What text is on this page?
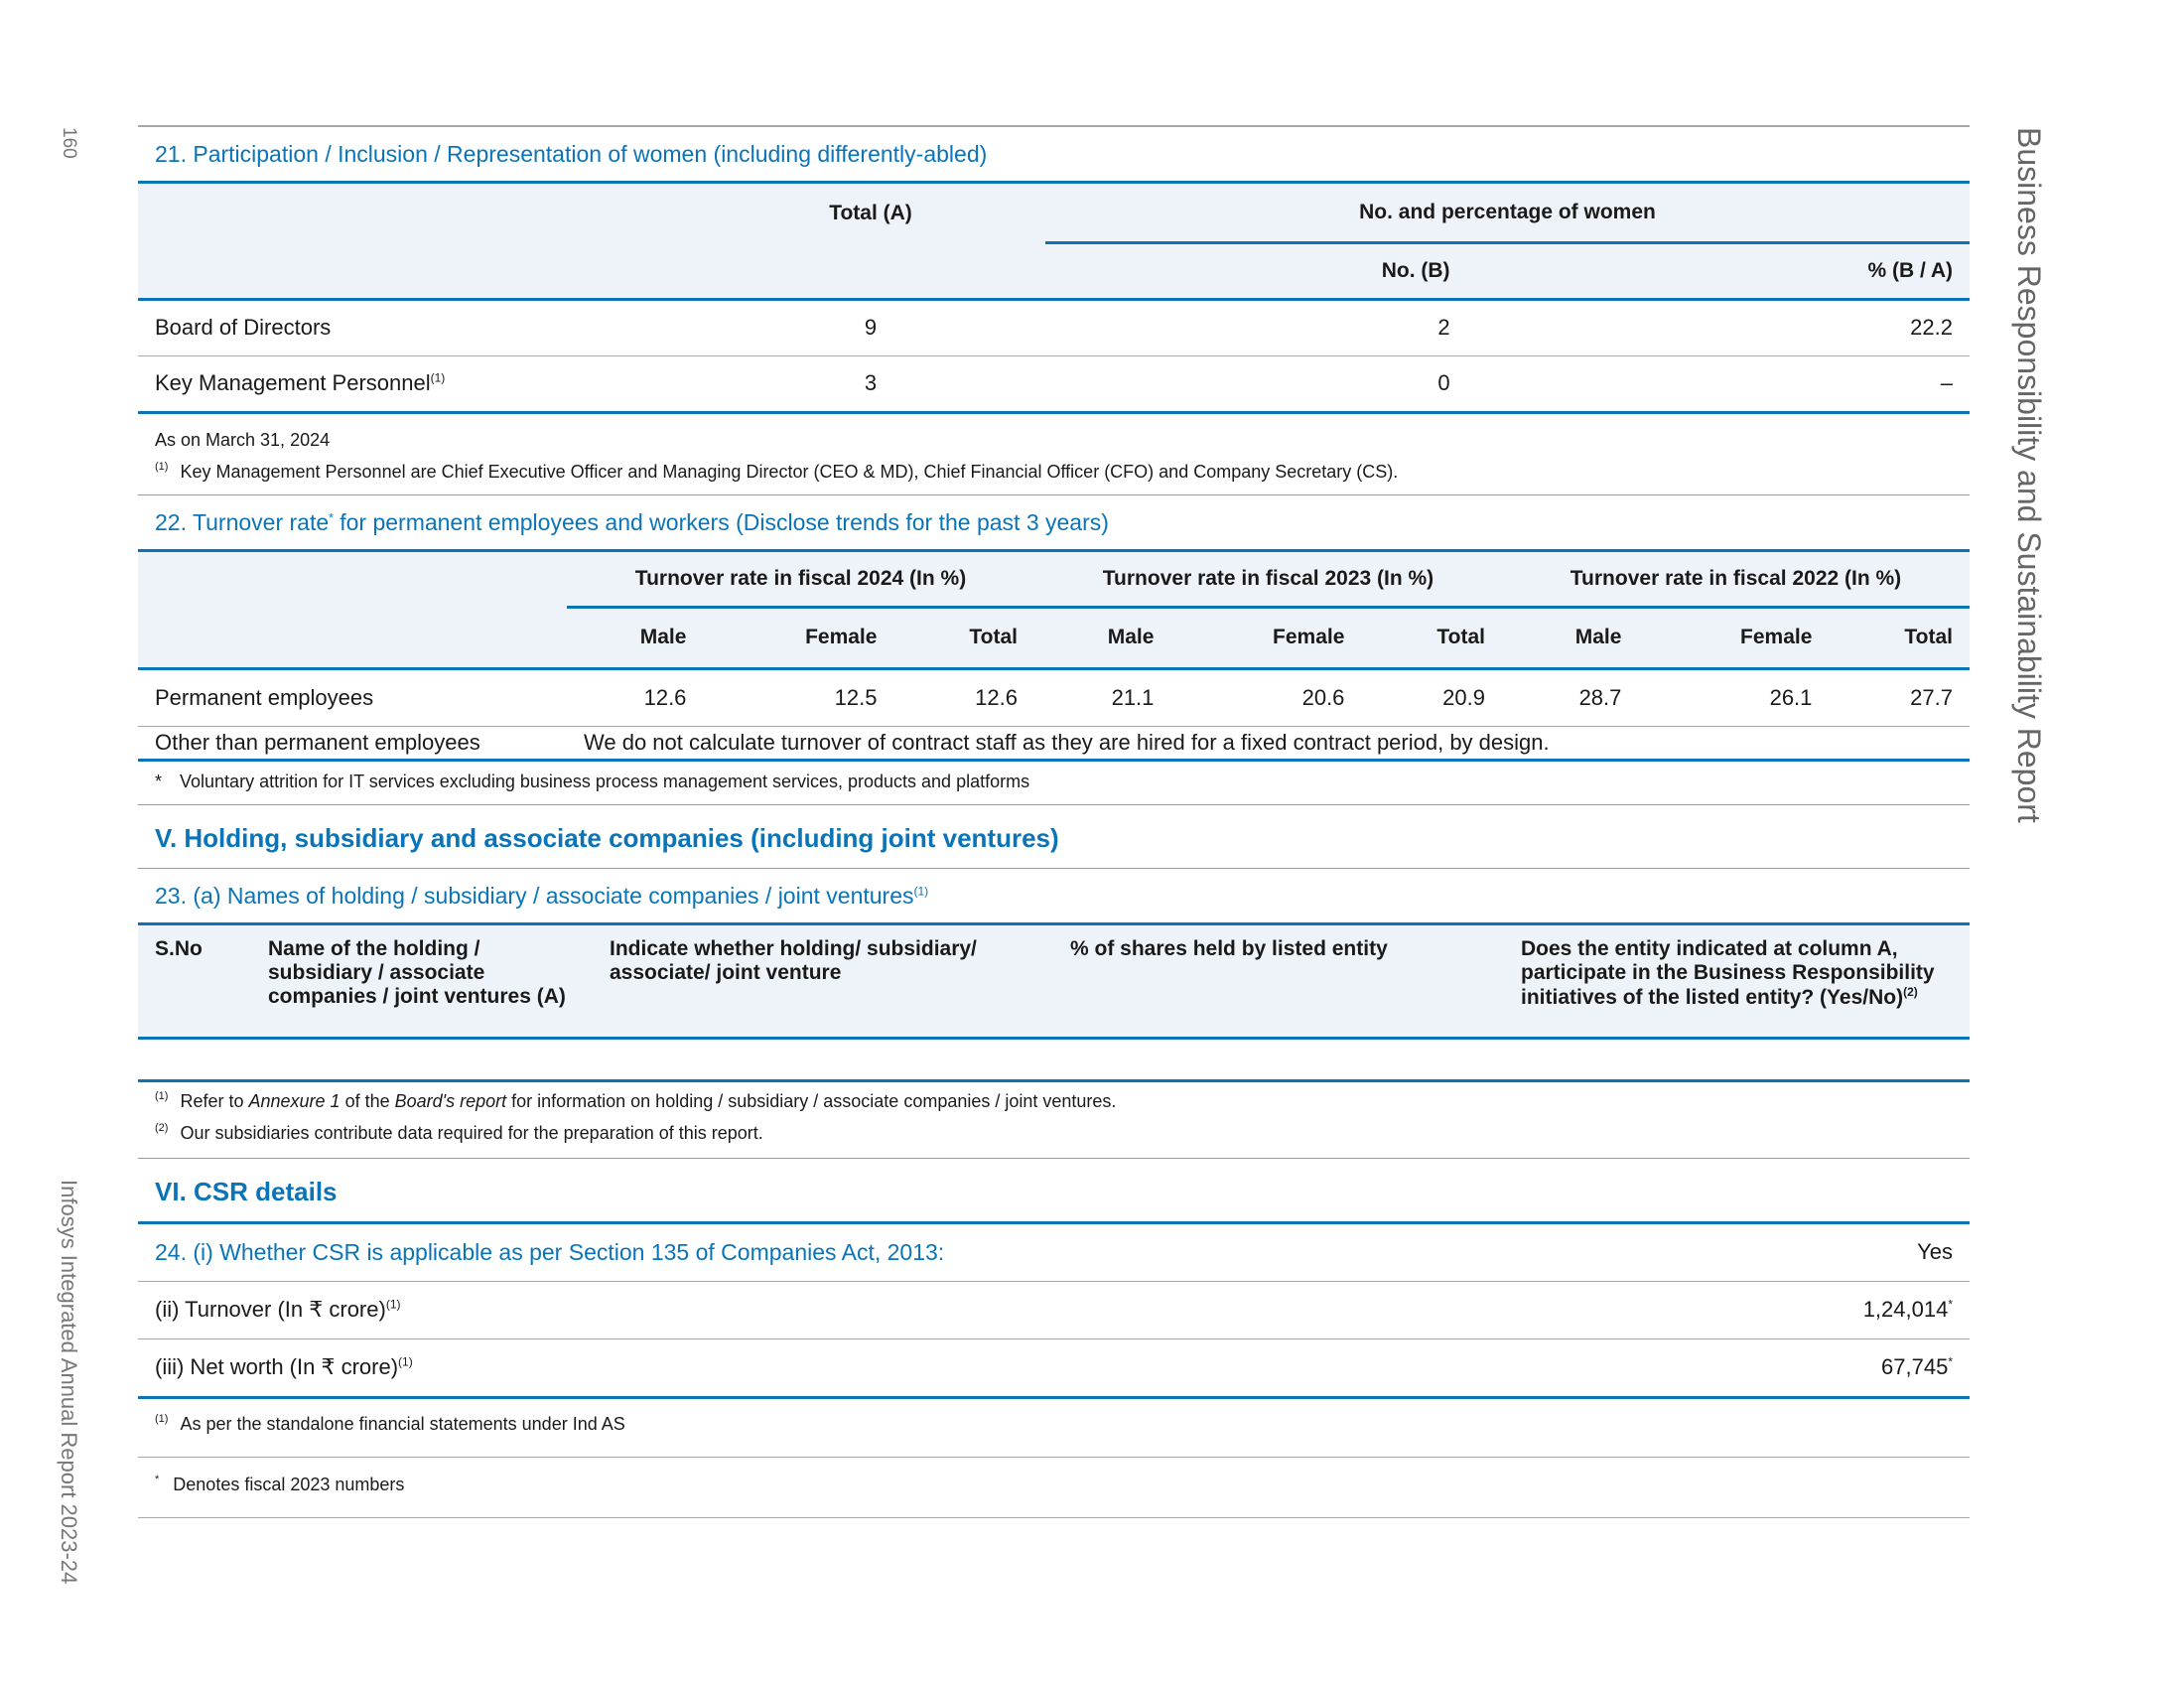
160	Business Responsibility and Sustainability Report
Infosys Integrated Annual Report 2023-24
21. Participation / Inclusion / Representation of women (including differently-abled)
	Total (A)	No. and percentage of women	
		No. (B)	% (B / A)
Board of Directors	9	2	22.2
Key Management Personnel$^{(1)}$	3	0	–
As on March 31, 2024
$^{(1)}$ Key Management Personnel are Chief Executive Officer and Managing Director (CEO & MD), Chief Financial Officer (CFO) and Company Secretary (CS).
22. Turnover rate* for permanent employees and workers (Disclose trends for the past 3 years)
	Turnover rate in fiscal 2024 (In %)			Turnover rate in fiscal 2023 (In %)			Turnover rate in fiscal 2022 (In %)		
	Male	Female	Total	Male	Female	Total	Male	Female	Total
Permanent employees	12.6	12.5	12.6	21.1	20.6	20.9	28.7	26.1	27.7
Other than permanent employees	We do not calculate turnover of contract staff as they are hired for a fixed contract period, by design.								
* Voluntary attrition for IT services excluding business process management services, products and platforms
V. Holding, subsidiary and associate companies (including joint ventures)
23. (a) Names of holding / subsidiary / associate companies / joint ventures$^{(1)}$
S.No	Name of the holding / subsidiary / associate companies / joint ventures (A)	Indicate whether holding/ subsidiary/ associate/ joint venture	% of shares held by listed entity	Does the entity indicated at column A, participate in the Business Responsibility initiatives of the listed entity? $(Yes/No)^{(2)}$

$^{(1)}$ Refer to Annexure 1 of the Board's report for information on holding / subsidiary / associate companies / joint ventures.
$^{(2)}$ Our subsidiaries contribute data required for the preparation of this report.
VI. CSR details
24. (i) Whether CSR is applicable as per Section 135 of Companies Act, 2013:	Yes
(ii) Turnover (In ₹ crore)$^{(1)}$	1,24,014*
(iii) Net worth (In ₹ crore)$^{(1)}$	67,745*
$^{(1)}$ As per the standalone financial statements under Ind AS
* Denotes fiscal 2023 numbers
